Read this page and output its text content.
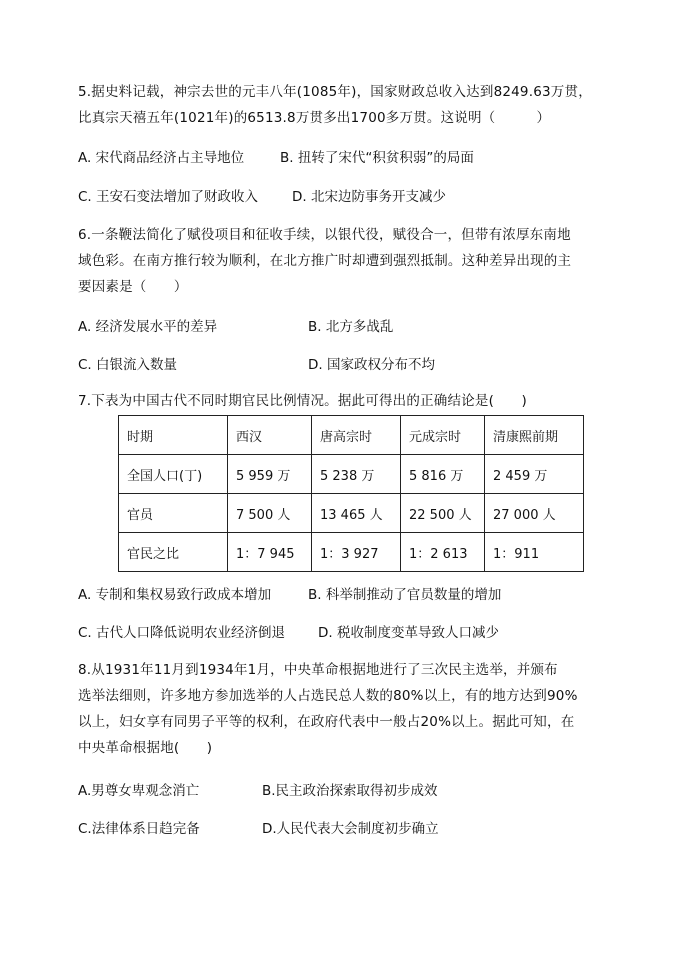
5.据史料记载，神宗去世的元丰八年(1085年)，国家财政总收入达到8249.63万贯，
比真宗天禧五年(1021年)的6513.8万贯多出1700多万贯。这说明（　　　）
A. 宋代商品经济占主导地位	B. 扭转了宋代“积贫积弱”的局面
C. 王安石变法增加了财政收入	D. 北宋边防事务开支减少
6.一条鞭法简化了赋役项目和征收手续，以银代役，赋役合一，但带有浓厚东南地
域色彩。在南方推行较为顺利，在北方推广时却遭到强烈抵制。这种差异出现的主
要因素是（　　）
A. 经济发展水平的差异	B. 北方多战乱
C. 白银流入数量	D. 国家政权分布不均
7.下表为中国古代不同时期官民比例情况。据此可得出的正确结论是(　　)
时期	西汉	唐高宗时	元成宗时	清康熙前期
全国人口(丁)	5 959 万	5 238 万	5 816 万	2 459 万
官员	7 500 人	13 465 人	22 500 人	27 000 人
官民之比	1：7 945	1：3 927	1：2 613	1：911
A. 专制和集权易致行政成本增加	B. 科举制推动了官员数量的增加
C. 古代人口降低说明农业经济倒退 D. 税收制度变革导致人口减少
8.从1931年11月到1934年1月，中央革命根据地进行了三次民主选举，并颁布
选举法细则，许多地方参加选举的人占选民总人数的80%以上，有的地方达到90%
以上，妇女享有同男子平等的权利，在政府代表中一般占20%以上。据此可知，在
中央革命根据地(　　)
A.男尊女卑观念消亡	B.民主政治探索取得初步成效
C.法律体系日趋完备	D.人民代表大会制度初步确立
